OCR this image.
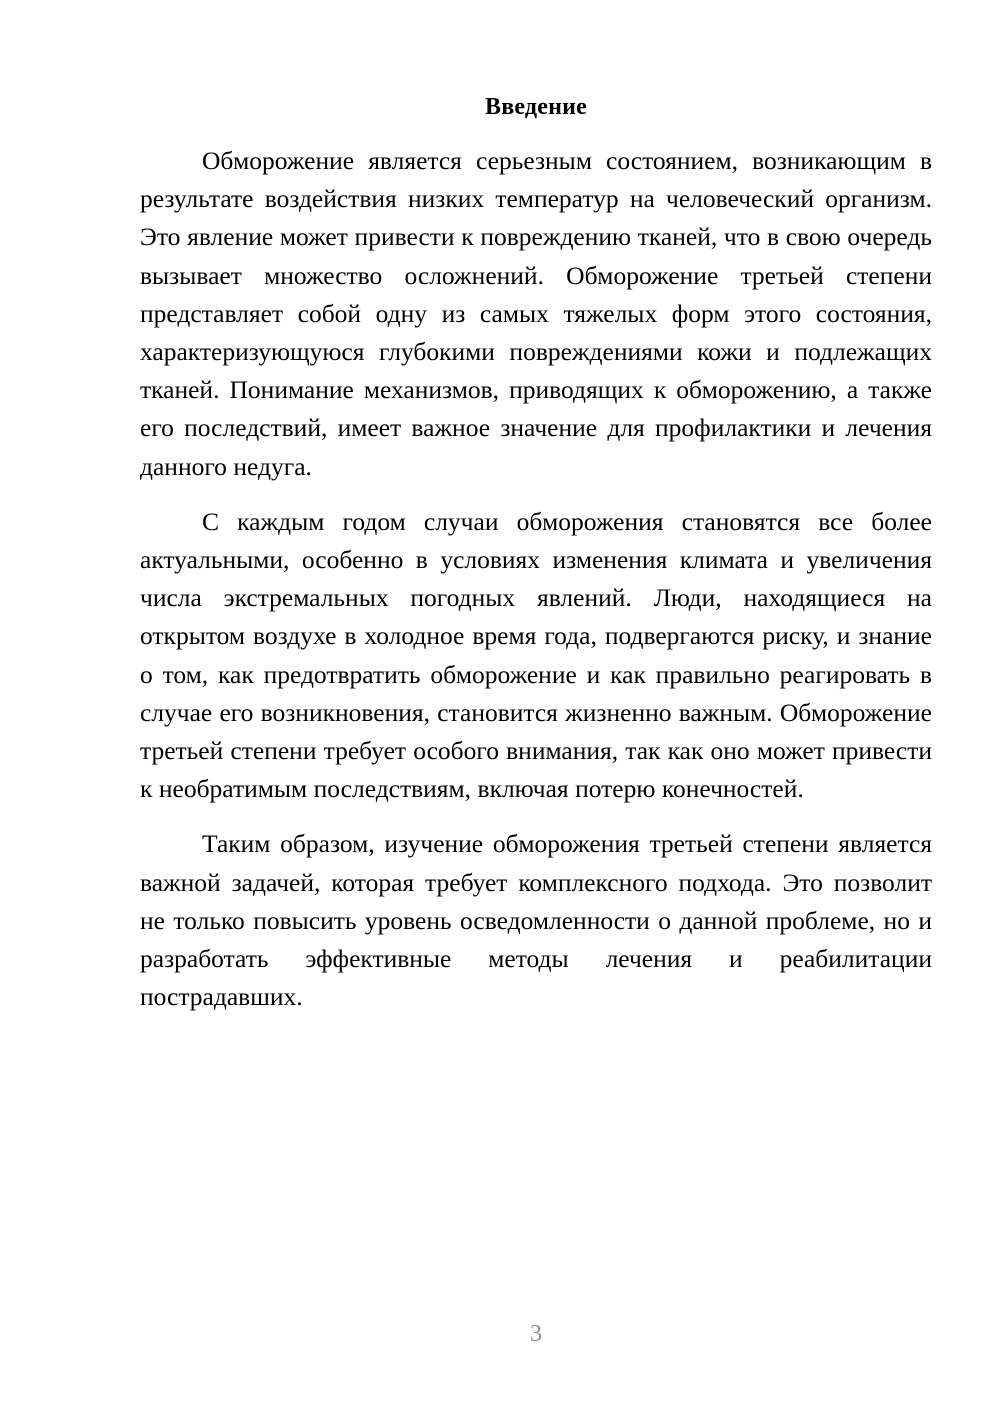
Введение

Обморожение является серьезным состоянием, возникающим в результате воздействия низких температур на человеческий организм. Это явление может привести к повреждению тканей, что в свою очередь вызывает множество осложнений. Обморожение третьей степени представляет собой одну из самых тяжелых форм этого состояния, характеризующуюся глубокими повреждениями кожи и подлежащих тканей. Понимание механизмов, приводящих к обморожению, а также его последствий, имеет важное значение для профилактики и лечения данного недуга.

С каждым годом случаи обморожения становятся все более актуальными, особенно в условиях изменения климата и увеличения числа экстремальных погодных явлений. Люди, находящиеся на открытом воздухе в холодное время года, подвергаются риску, и знание о том, как предотвратить обморожение и как правильно реагировать в случае его возникновения, становится жизненно важным. Обморожение третьей степени требует особого внимания, так как оно может привести к необратимым последствиям, включая потерю конечностей.

Таким образом, изучение обморожения третьей степени является важной задачей, которая требует комплексного подхода. Это позволит не только повысить уровень осведомленности о данной проблеме, но и разработать эффективные методы лечения и реабилитации пострадавших.

3
